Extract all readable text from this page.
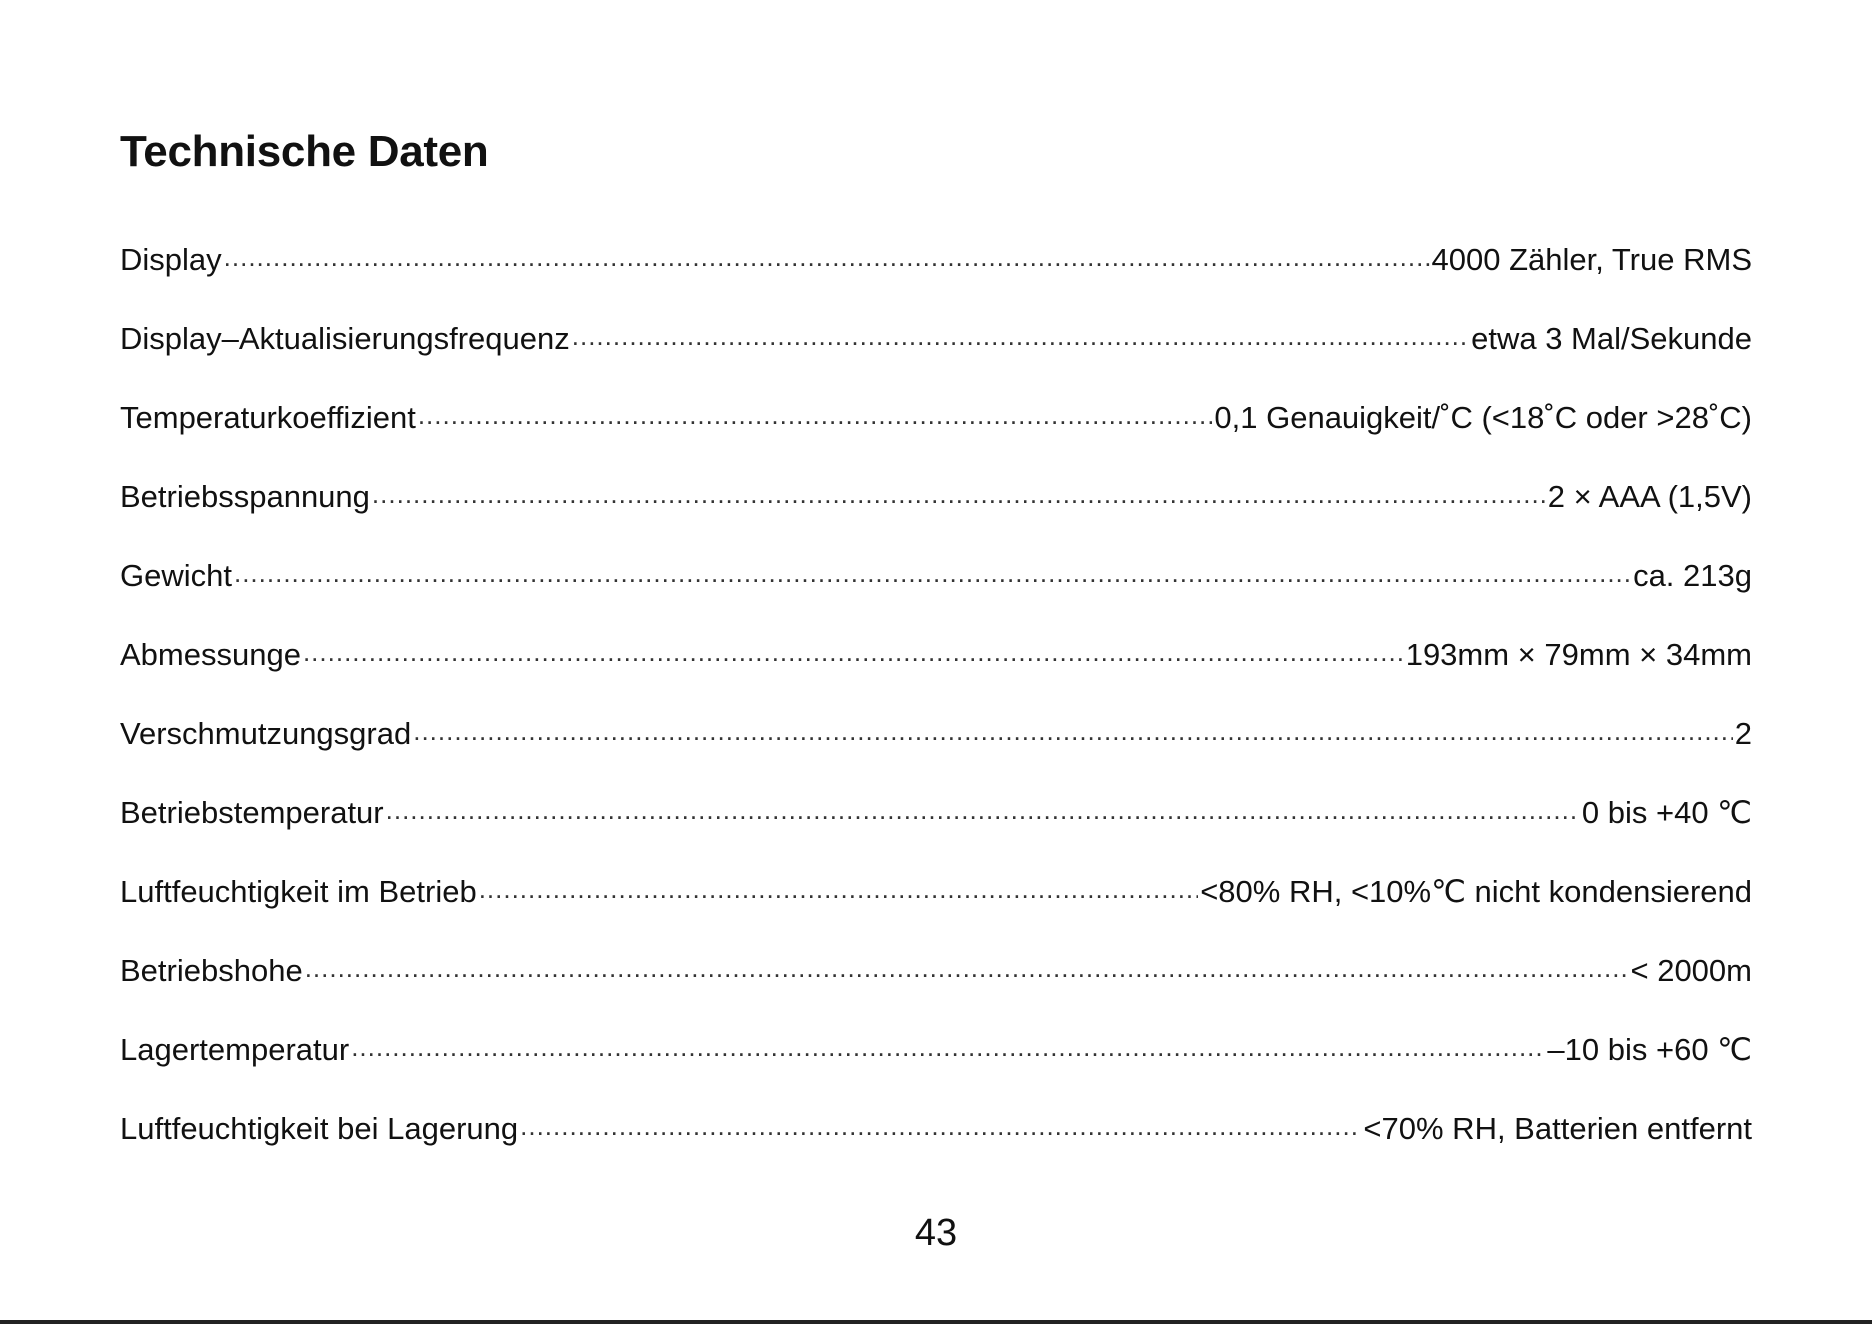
Technische Daten
Display .....	4000 Zähler, True RMS
Display–Aktualisierungsfrequenz .....	etwa 3 Mal/Sekunde
Temperaturkoeffizient .....	0,1 Genauigkeit/˚C (<18˚C oder >28˚C)
Betriebsspannung .....	2 × AAA (1,5V)
Gewicht .....	ca. 213g
Abmessunge .....	193mm × 79mm × 34mm
Verschmutzungsgrad .....	2
Betriebstemperatur .....	0 bis +40 ℃
Luftfeuchtigkeit im Betrieb .....	<80% RH, <10%℃ nicht kondensierend
Betriebshohe .....	< 2000m
Lagertemperatur .....	–10 bis +60 ℃
Luftfeuchtigkeit bei Lagerung .....	<70% RH, Batterien entfernt
43
